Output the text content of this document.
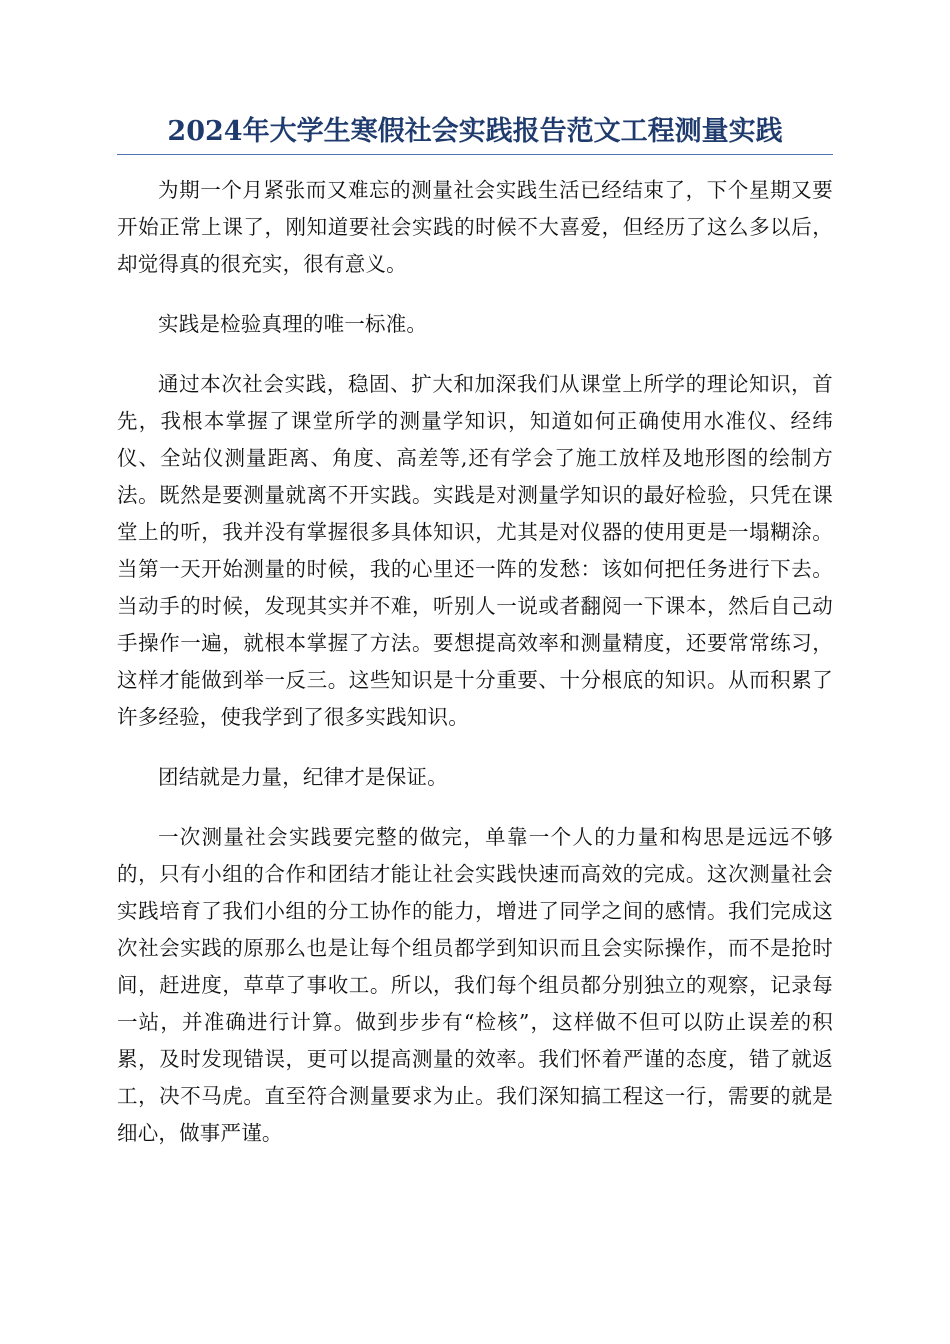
2024年大学生寒假社会实践报告范文工程测量实践

为期一个月紧张而又难忘的测量社会实践生活已经结束了，下个星期又要开始正常上课了，刚知道要社会实践的时候不大喜爱，但经历了这么多以后，却觉得真的很充实，很有意义。

实践是检验真理的唯一标准。

通过本次社会实践，稳固、扩大和加深我们从课堂上所学的理论知识，首先，我根本掌握了课堂所学的测量学知识，知道如何正确使用水准仪、经纬仪、全站仪测量距离、角度、高差等,还有学会了施工放样及地形图的绘制方法。既然是要测量就离不开实践。实践是对测量学知识的最好检验，只凭在课堂上的听，我并没有掌握很多具体知识，尤其是对仪器的使用更是一塌糊涂。当第一天开始测量的时候，我的心里还一阵的发愁：该如何把任务进行下去。当动手的时候，发现其实并不难，听别人一说或者翻阅一下课本，然后自己动手操作一遍，就根本掌握了方法。要想提高效率和测量精度，还要常常练习，这样才能做到举一反三。这些知识是十分重要、十分根底的知识。从而积累了许多经验，使我学到了很多实践知识。

团结就是力量，纪律才是保证。

一次测量社会实践要完整的做完，单靠一个人的力量和构思是远远不够的，只有小组的合作和团结才能让社会实践快速而高效的完成。这次测量社会实践培育了我们小组的分工协作的能力，增进了同学之间的感情。我们完成这次社会实践的原那么也是让每个组员都学到知识而且会实际操作，而不是抢时间，赶进度，草草了事收工。所以，我们每个组员都分别独立的观察，记录每一站，并准确进行计算。做到步步有“检核”，这样做不但可以防止误差的积累，及时发现错误，更可以提高测量的效率。我们怀着严谨的态度，错了就返工，决不马虎。直至符合测量要求为止。我们深知搞工程这一行，需要的就是细心，做事严谨。
